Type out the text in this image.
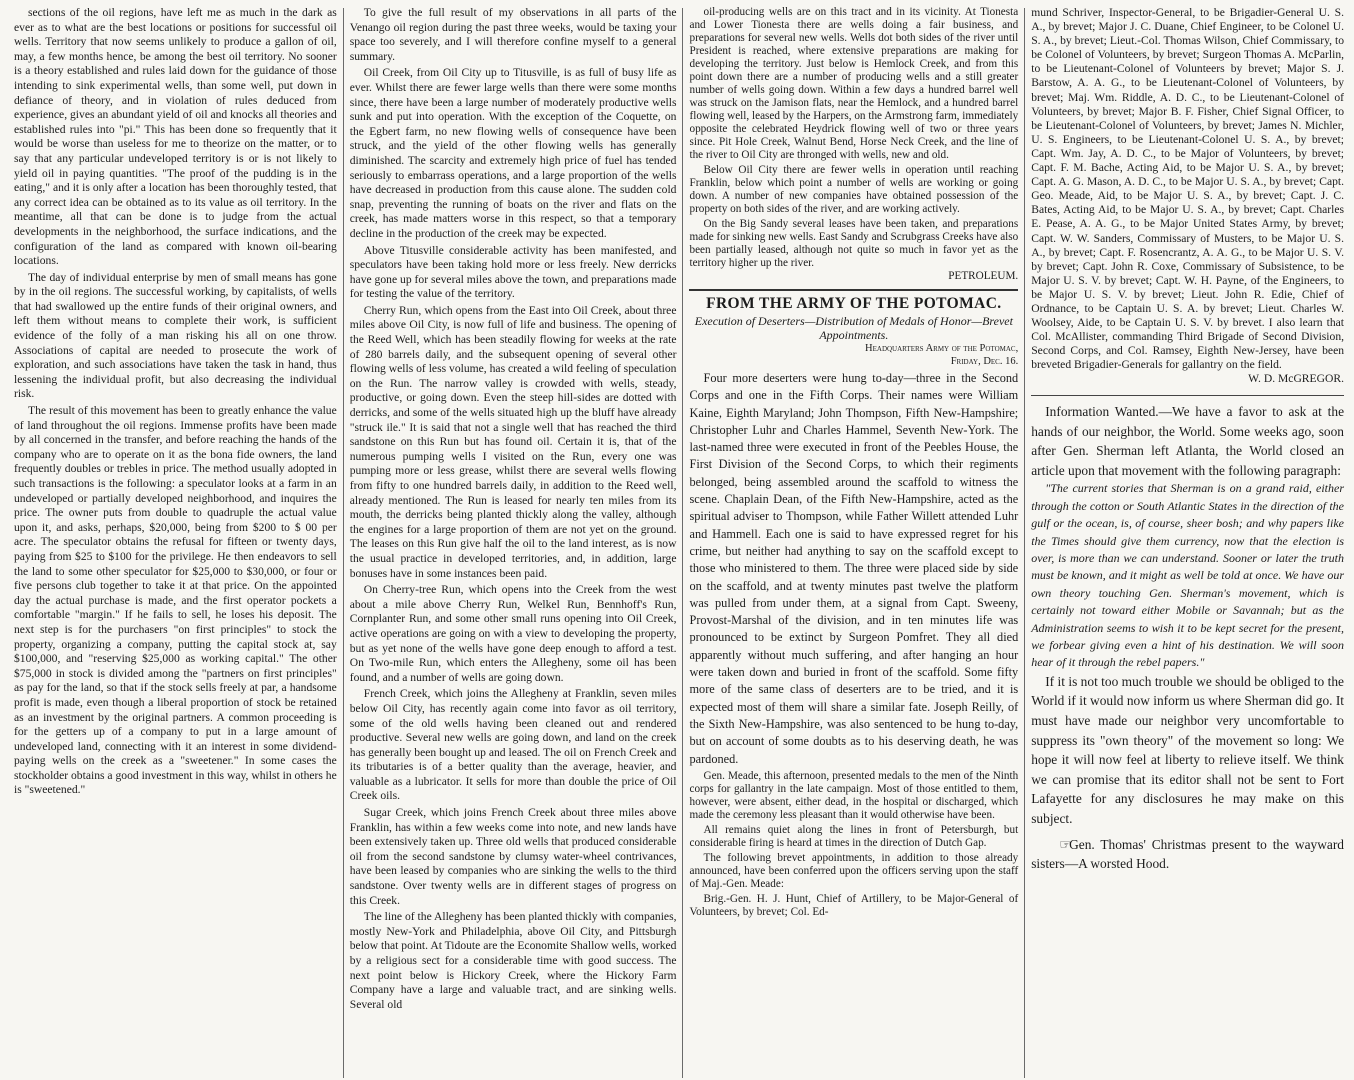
sections of the oil regions, have left me as much in the dark as ever as to what are the best locations or positions for successful oil wells. Territory that now seems unlikely to produce a gallon of oil, may, a few months hence, be among the best oil territory. No sooner is a theory established and rules laid down for the guidance of those intending to sink experimental wells, than some well, put down in defiance of theory, and in violation of rules deduced from experience, gives an abundant yield of oil and knocks all theories and established rules into "pi." This has been done so frequently that it would be worse than useless for me to theorize on the matter, or to say that any particular undeveloped territory is or is not likely to yield oil in paying quantities. "The proof of the pudding is in the eating," and it is only after a location has been thoroughly tested, that any correct idea can be obtained as to its value as oil territory. In the meantime, all that can be done is to judge from the actual developments in the neighborhood, the surface indications, and the configuration of the land as compared with known oil-bearing locations.

The day of individual enterprise by men of small means has gone by in the oil regions. The successful working, by capitalists, of wells that had swallowed up the entire funds of their original owners, and left them without means to complete their work, is sufficient evidence of the folly of a man risking his all on one throw. Associations of capital are needed to prosecute the work of exploration, and such associations have taken the task in hand, thus lessening the individual profit, but also decreasing the individual risk.

The result of this movement has been to greatly enhance the value of land throughout the oil regions. Immense profits have been made by all concerned in the transfer, and before reaching the hands of the company who are to operate on it as the bona fide owners, the land frequently doubles or trebles in price. The method usually adopted in such transactions is the following: a speculator looks at a farm in an undeveloped or partially developed neighborhood, and inquires the price. The owner puts from double to quadruple the actual value upon it, and asks, perhaps, $20,000, being from $200 to $ 00 per acre. The speculator obtains the refusal for fifteen or twenty days, paying from $25 to $100 for the privilege. He then endeavors to sell the land to some other speculator for $25,000 to $30,000, or four or five persons club together to take it at that price. On the appointed day the actual purchase is made, and the first operator pockets a comfortable "margin." If he fails to sell, he loses his deposit. The next step is for the purchasers "on first principles" to stock the property, organizing a company, putting the capital stock at, say $100,000, and "reserving $25,000 as working capital." The other $75,000 in stock is divided among the "partners on first principles" as pay for the land, so that if the stock sells freely at par, a handsome profit is made, even though a liberal proportion of stock be retained as an investment by the original partners. A common proceeding is for the getters up of a company to put in a large amount of undeveloped land, connecting with it an interest in some dividend-paying wells on the creek as a "sweetener." In some cases the stockholder obtains a good investment in this way, whilst in others he is "sweetened."

To give the full result of my observations in all parts of the Venango oil region during the past three weeks, would be taxing your space too severely, and I will therefore confine myself to a general summary.

Oil Creek, from Oil City up to Titusville, is as full of busy life as ever. Whilst there are fewer large wells than there were some months since, there have been a large number of moderately productive wells sunk and put into operation. With the exception of the Coquette, on the Egbert farm, no new flowing wells of consequence have been struck, and the yield of the other flowing wells has generally diminished. The scarcity and extremely high price of fuel has tended seriously to embarrass operations, and a large proportion of the wells have decreased in production from this cause alone. The sudden cold snap, preventing the running of boats on the river and flats on the creek, has made matters worse in this respect, so that a temporary decline in the production of the creek may be expected.

Above Titusville considerable activity has been manifested, and speculators have been taking hold more or less freely. New derricks have gone up for several miles above the town, and preparations made for testing the value of the territory.

Cherry Run, which opens from the East into Oil Creek, about three miles above Oil City, is now full of life and business. The opening of the Reed Well, which has been steadily flowing for weeks at the rate of 280 barrels daily, and the subsequent opening of several other flowing wells of less volume, has created a wild feeling of speculation on the Run. The narrow valley is crowded with wells, steady, productive, or going down. Even the steep hill-sides are dotted with derricks, and some of the wells situated high up the bluff have already "struck ile." It is said that not a single well that has reached the third sandstone on this Run but has found oil. Certain it is, that of the numerous pumping wells I visited on the Run, every one was pumping more or less grease, whilst there are several wells flowing from fifty to one hundred barrels daily, in addition to the Reed well, already mentioned. The Run is leased for nearly ten miles from its mouth, the derricks being planted thickly along the valley, although the engines for a large proportion of them are not yet on the ground. The leases on this Run give half the oil to the land interest, as is now the usual practice in developed territories, and, in addition, large bonuses have in some instances been paid.

On Cherry-tree Run, which opens into the Creek from the west about a mile above Cherry Run, Welkel Run, Bennhoff's Run, Cornplanter Run, and some other small runs opening into Oil Creek, active operations are going on with a view to developing the property, but as yet none of the wells have gone deep enough to afford a test. On Two-mile Run, which enters the Allegheny, some oil has been found, and a number of wells are going down.

French Creek, which joins the Allegheny at Franklin, seven miles below Oil City, has recently again come into favor as oil territory, some of the old wells having been cleaned out and rendered productive. Several new wells are going down, and land on the creek has generally been bought up and leased. The oil on French Creek and its tributaries is of a better quality than the average, heavier, and valuable as a lubricator. It sells for more than double the price of Oil Creek oils.

Sugar Creek, which joins French Creek about three miles above Franklin, has within a few weeks come into note, and new lands have been extensively taken up. Three old wells that produced considerable oil from the second sandstone by clumsy water-wheel contrivances, have been leased by companies who are sinking the wells to the third sandstone. Over twenty wells are in different stages of progress on this Creek.

The line of the Allegheny has been planted thickly with companies, mostly New-York and Philadelphia, above Oil City, and Pittsburgh below that point. At Tidoute are the Economite Shallow wells, worked by a religious sect for a considerable time with good success. The next point below is Hickory Creek, where the Hickory Farm Company have a large and valuable tract, and are sinking wells. Several old

oil-producing wells are on this tract and in its vicinity. At Tionesta and Lower Tionesta there are wells doing a fair business, and preparations for several new wells. Wells dot both sides of the river until President is reached, where extensive preparations are making for developing the territory. Just below is Hemlock Creek, and from this point down there are a number of producing wells and a still greater number of wells going down. Within a few days a hundred barrel well was struck on the Jamison flats, near the Hemlock, and a hundred barrel flowing well, leased by the Harpers, on the Armstrong farm, immediately opposite the celebrated Heydrick flowing well of two or three years since. Pit Hole Creek, Walnut Bend, Horse Neck Creek, and the line of the river to Oil City are thronged with wells, new and old.

Below Oil City there are fewer wells in operation until reaching Franklin, below which point a number of wells are working or going down. A number of new companies have obtained possession of the property on both sides of the river, and are working actively.

On the Big Sandy several leases have been taken, and preparations made for sinking new wells. East Sandy and Scrubgrass Creeks have also been partially leased, although not quite so much in favor yet as the territory higher up the river.

PETROLEUM.

FROM THE ARMY OF THE POTOMAC.

Execution of Deserters—Distribution of Medals of Honor—Brevet Appointments.

Headquarters Army of the Potomac,

Friday, Dec. 16.

Four more deserters were hung to-day—three in the Second Corps and one in the Fifth Corps. Their names were William Kaine, Eighth Maryland; John Thompson, Fifth New-Hampshire; Christopher Luhr and Charles Hammel, Seventh New-York. The last-named three were executed in front of the Peebles House, the First Division of the Second Corps, to which their regiments belonged, being assembled around the scaffold to witness the scene. Chaplain Dean, of the Fifth New-Hampshire, acted as the spiritual adviser to Thompson, while Father Willett attended Luhr and Hammell. Each one is said to have expressed regret for his crime, but neither had anything to say on the scaffold except to those who ministered to them. The three were placed side by side on the scaffold, and at twenty minutes past twelve the platform was pulled from under them, at a signal from Capt. Sweeny, Provost-Marshal of the division, and in ten minutes life was pronounced to be extinct by Surgeon Pomfret. They all died apparently without much suffering, and after hanging an hour were taken down and buried in front of the scaffold. Some fifty more of the same class of deserters are to be tried, and it is expected most of them will share a similar fate. Joseph Reilly, of the Sixth New-Hampshire, was also sentenced to be hung to-day, but on account of some doubts as to his deserving death, he was pardoned.

Gen. Meade, this afternoon, presented medals to the men of the Ninth corps for gallantry in the late campaign. Most of those entitled to them, however, were absent, either dead, in the hospital or discharged, which made the ceremony less pleasant than it would otherwise have been.

All remains quiet along the lines in front of Petersburgh, but considerable firing is heard at times in the direction of Dutch Gap.

The following brevet appointments, in addition to those already announced, have been conferred upon the officers serving upon the staff of Maj.-Gen. Meade:

Brig.-Gen. H. J. Hunt, Chief of Artillery, to be Major-General of Volunteers, by brevet; Col. Ed-

mund Schriver, Inspector-General, to be Brigadier-General U. S. A., by brevet; Major J. C. Duane, Chief Engineer, to be Colonel U. S. A., by brevet; Lieut.-Col. Thomas Wilson, Chief Commissary, to be Colonel of Volunteers, by brevet; Surgeon Thomas A. McParlin, to be Lieutenant-Colonel of Volunteers by brevet; Major S. J. Barstow, A. A. G., to be Lieutenant-Colonel of Volunteers, by brevet; Maj. Wm. Riddle, A. D. C., to be Lieutenant-Colonel of Volunteers, by brevet; Major B. F. Fisher, Chief Signal Officer, to be Lieutenant-Colonel of Volunteers, by brevet; James N. Michler, U. S. Engineers, to be Lieutenant-Colonel U. S. A., by brevet; Capt. Wm. Jay, A. D. C., to be Major of Volunteers, by brevet; Capt. F. M. Bache, Acting Aid, to be Major U. S. A., by brevet; Capt. A. G. Mason, A. D. C., to be Major U. S. A., by brevet; Capt. Geo. Meade, Aid, to be Major U. S. A., by brevet; Capt. J. C. Bates, Acting Aid, to be Major U. S. A., by brevet; Capt. Charles E. Pease, A. A. G., to be Major United States Army, by brevet; Capt. W. W. Sanders, Commissary of Musters, to be Major U. S. A., by brevet; Capt. F. Rosencrantz, A. A. G., to be Major U. S. V. by brevet; Capt. John R. Coxe, Commissary of Subsistence, to be Major U. S. V. by brevet; Capt. W. H. Payne, of the Engineers, to be Major U. S. V. by brevet; Lieut. John R. Edie, Chief of Ordnance, to be Captain U. S. A. by brevet; Lieut. Charles W. Woolsey, Aide, to be Captain U. S. V. by brevet. I also learn that Col. McAllister, commanding Third Brigade of Second Division, Second Corps, and Col. Ramsey, Eighth New-Jersey, have been breveted Brigadier-Generals for gallantry on the field.

W. D. McGREGOR.

Information Wanted.—We have a favor to ask at the hands of our neighbor, the World. Some weeks ago, soon after Gen. Sherman left Atlanta, the World closed an article upon that movement with the following paragraph:

"The current stories that Sherman is on a grand raid, either through the cotton or South Atlantic States in the direction of the gulf or the ocean, is, of course, sheer bosh; and why papers like the Times should give them currency, now that the election is over, is more than we can understand. Sooner or later the truth must be known, and it might as well be told at once. We have our own theory touching Gen. Sherman's movement, which is certainly not toward either Mobile or Savannah; but as the Administration seems to wish it to be kept secret for the present, we forbear giving even a hint of his destination. We will soon hear of it through the rebel papers."

If it is not too much trouble we should be obliged to the World if it would now inform us where Sherman did go. It must have made our neighbor very uncomfortable to suppress its "own theory" of the movement so long: We hope it will now feel at liberty to relieve itself. We think we can promise that its editor shall not be sent to Fort Lafayette for any disclosures he may make on this subject.

☞ Gen. Thomas' Christmas present to the wayward sisters—A worsted Hood.
